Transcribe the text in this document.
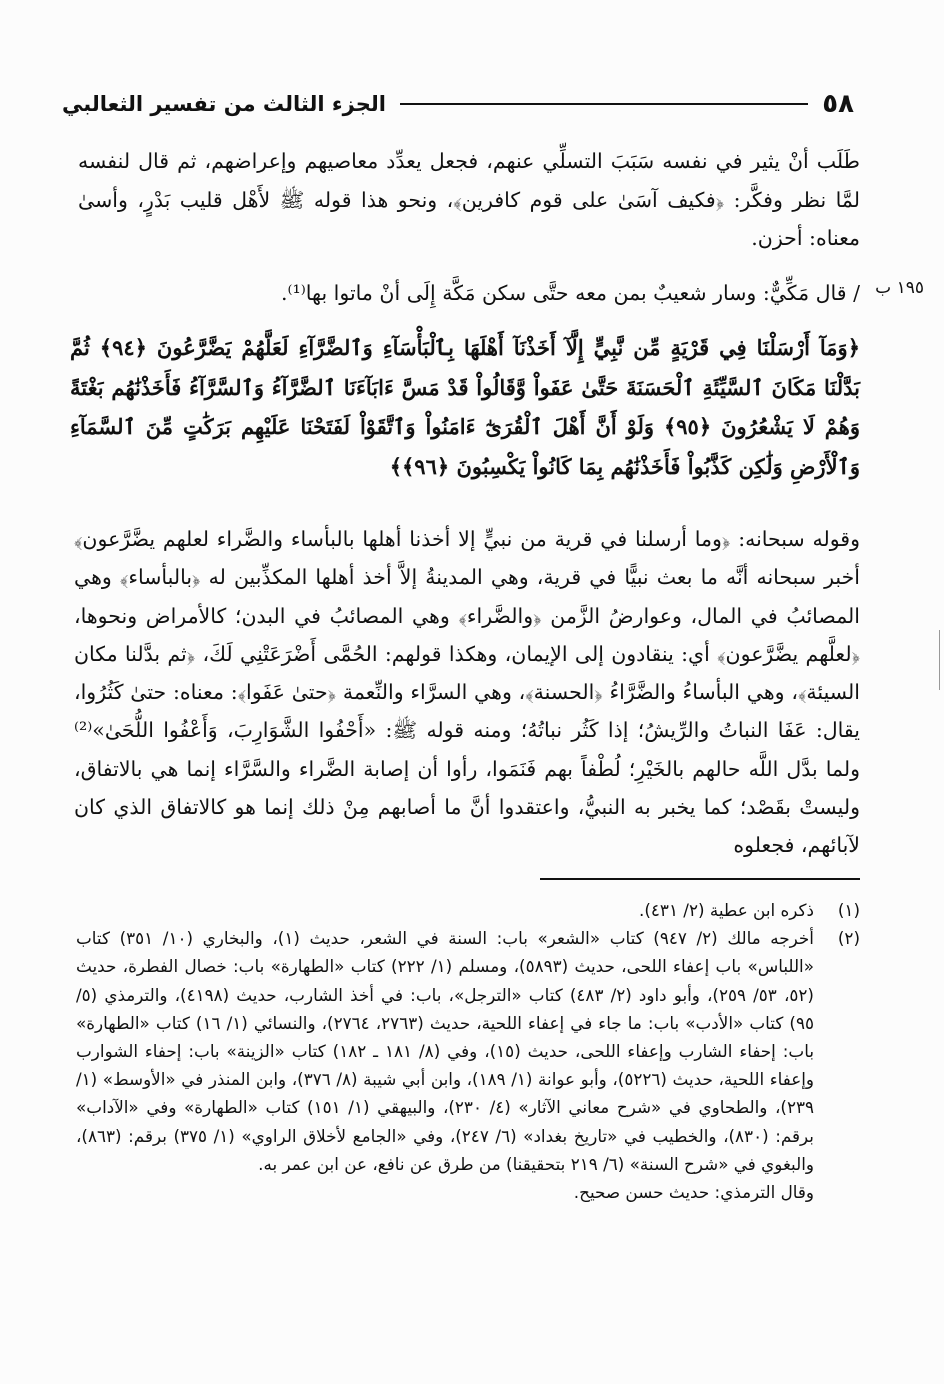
٥٨
الجزء الثالث من تفسير الثعالبي
١٩٥ ب

طَلَب أنْ يثير في نفسه سَبَبَ التسلِّي عنهم، فجعل يعدِّد معاصيهم وإعراضهم، ثم قال لنفسه لمَّا نظر وفكَّر: ﴿فكيف آسَىٰ على قوم كافرين﴾، ونحو هذا قوله ﷺ لأَهْل قليب بَدْرٍ، وأسىٰ معناه: أحزن.

/ قال مَكِّيٌّ: وسار شعيبٌ بمن معه حتَّى سكن مَكَّة إِلَى أنْ ماتوا بها⁽¹⁾.

﴿وَمَآ أَرْسَلْنَا فِي قَرْيَةٍ مِّن نَّبِيٍّ إِلَّآ أَخَذْنَآ أَهْلَهَا بِٱلْبَأْسَآءِ وَٱلضَّرَّآءِ لَعَلَّهُمْ يَضَّرَّعُونَ ﴿٩٤﴾ ثُمَّ بَدَّلْنَا مَكَانَ ٱلسَّيِّئَةِ ٱلْحَسَنَةَ حَتَّىٰ عَفَواْ وَّقَالُواْ قَدْ مَسَّ ءَابَآءَنَا ٱلضَّرَّآءُ وَٱلسَّرَّآءُ فَأَخَذْنَٰهُم بَغْتَةً وَهُمْ لَا يَشْعُرُونَ ﴿٩٥﴾ وَلَوْ أَنَّ أَهْلَ ٱلْقُرَىٰٓ ءَامَنُواْ وَٱتَّقَوْاْ لَفَتَحْنَا عَلَيْهِم بَرَكَٰتٍ مِّنَ ٱلسَّمَآءِ وَٱلْأَرْضِ وَلَٰكِن كَذَّبُواْ فَأَخَذْنَٰهُم بِمَا كَانُواْ يَكْسِبُونَ ﴿٩٦﴾﴾
وقوله سبحانه: ﴿وما أرسلنا في قرية من نبيٍّ إلا أخذنا أهلها بالبأساء والضَّراء لعلهم يضَّرَّعون﴾ أخبر سبحانه أنَّه ما بعث نبيًّا في قرية، وهي المدينةُ إلاَّ أخذ أهلها المكذِّبين له ﴿بالبأساء﴾ وهي المصائبُ في المال، وعوارضُ الزَّمن ﴿والضَّراء﴾ وهي المصائبُ في البدن؛ كالأمراض ونحوها، ﴿لعلَّهم يضَّرَّعون﴾ أي: ينقادون إلى الإيمان، وهكذا قولهم: الحُمَّى أَضْرَعَتْنِي لَكَ، ﴿ثم بدَّلنا مكان السيئة﴾، وهي البأساءُ والضَّرَّاءُ ﴿الحسنة﴾، وهي السرَّاء والنِّعمة ﴿حتىٰ عَفَوا﴾: معناه: حتىٰ كَثُرُوا، يقال: عَفَا النباتُ والرِّيشُ؛ إذا كَثُر نباتُهُ؛ ومنه قوله ﷺ: «أَحْفُوا الشَّوَارِبَ، وَأَعْفُوا اللُّحَىٰ»⁽²⁾ ولما بدَّل اللَّه حالهم بالخَيْرِ؛ لُطْفاً بهم فَنَمَوا، رأوا أن إصابة الضَّراء والسَّرَّاء إنما هي بالاتفاق، وليستْ بقَصْد؛ كما يخبر به النبيُّ، واعتقدوا أنَّ ما أصابهم مِنْ ذلك إنما هو كالاتفاق الذي كان لآبائهم، فجعلوه
(١)
ذكره ابن عطية (٢/ ٤٣١).
(٢)
أخرجه مالك (٢/ ٩٤٧) كتاب «الشعر» باب: السنة في الشعر، حديث (١)، والبخاري (١٠/ ٣٥١) كتاب «اللباس» باب إعفاء اللحى، حديث (٥٨٩٣)، ومسلم (١/ ٢٢٢) كتاب «الطهارة» باب: خصال الفطرة، حديث (٥٢، ٥٣/ ٢٥٩)، وأبو داود (٢/ ٤٨٣) كتاب «الترجل»، باب: في أخذ الشارب، حديث (٤١٩٨)، والترمذي (٥/ ٩٥) كتاب «الأدب» باب: ما جاء في إعفاء اللحية، حديث (٢٧٦٣، ٢٧٦٤)، والنسائي (١/ ١٦) كتاب «الطهارة» باب: إحفاء الشارب وإعفاء اللحى، حديث (١٥)، وفي (٨/ ١٨١ ـ ١٨٢) كتاب «الزينة» باب: إحفاء الشوارب وإعفاء اللحية، حديث (٥٢٢٦)، وأبو عوانة (١/ ١٨٩)، وابن أبي شيبة (٨/ ٣٧٦)، وابن المنذر في «الأوسط» (١/ ٢٣٩)، والطحاوي في «شرح معاني الآثار» (٤/ ٢٣٠)، والبيهقي (١/ ١٥١) كتاب «الطهارة» وفي «الآداب» برقم: (٨٣٠)، والخطيب في «تاريخ بغداد» (٦/ ٢٤٧)، وفي «الجامع لأخلاق الراوي» (١/ ٣٧٥) برقم: (٨٦٣)، والبغوي في «شرح السنة» (٦/ ٢١٩ بتحقيقنا) من طرق عن نافع، عن ابن عمر به.
وقال الترمذي: حديث حسن صحيح.
